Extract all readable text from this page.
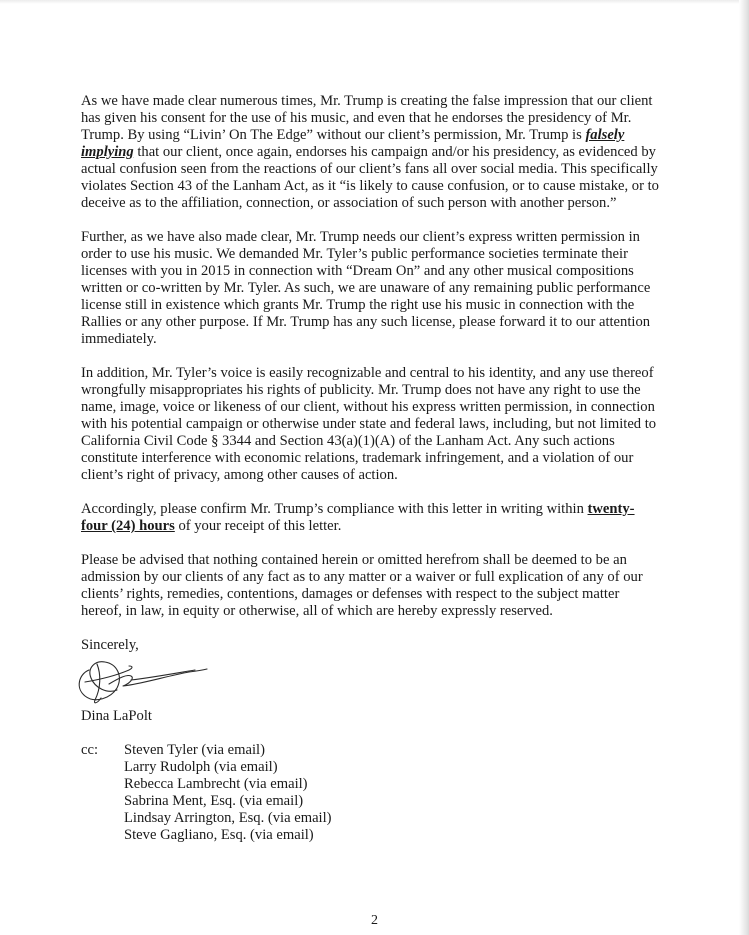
As we have made clear numerous times, Mr. Trump is creating the false impression that our client has given his consent for the use of his music, and even that he endorses the presidency of Mr. Trump. By using “Livin’ On The Edge” without our client’s permission, Mr. Trump is falsely implying that our client, once again, endorses his campaign and/or his presidency, as evidenced by actual confusion seen from the reactions of our client’s fans all over social media. This specifically violates Section 43 of the Lanham Act, as it “is likely to cause confusion, or to cause mistake, or to deceive as to the affiliation, connection, or association of such person with another person.”

Further, as we have also made clear, Mr. Trump needs our client’s express written permission in order to use his music. We demanded Mr. Tyler’s public performance societies terminate their licenses with you in 2015 in connection with “Dream On” and any other musical compositions written or co-written by Mr. Tyler. As such, we are unaware of any remaining public performance license still in existence which grants Mr. Trump the right use his music in connection with the Rallies or any other purpose. If Mr. Trump has any such license, please forward it to our attention immediately.

In addition, Mr. Tyler’s voice is easily recognizable and central to his identity, and any use thereof wrongfully misappropriates his rights of publicity. Mr. Trump does not have any right to use the name, image, voice or likeness of our client, without his express written permission, in connection with his potential campaign or otherwise under state and federal laws, including, but not limited to California Civil Code § 3344 and Section 43(a)(1)(A) of the Lanham Act. Any such actions constitute interference with economic relations, trademark infringement, and a violation of our client’s right of privacy, among other causes of action.

Accordingly, please confirm Mr. Trump’s compliance with this letter in writing within twenty-four (24) hours of your receipt of this letter.

Please be advised that nothing contained herein or omitted herefrom shall be deemed to be an admission by our clients of any fact as to any matter or a waiver or full explication of any of our clients’ rights, remedies, contentions, damages or defenses with respect to the subject matter hereof, in law, in equity or otherwise, all of which are hereby expressly reserved.

Sincerely,

Dina LaPolt

cc:	Steven Tyler (via email)
Larry Rudolph (via email)
Rebecca Lambrecht (via email)
Sabrina Ment, Esq. (via email)
Lindsay Arrington, Esq. (via email)
Steve Gagliano, Esq. (via email)
2
